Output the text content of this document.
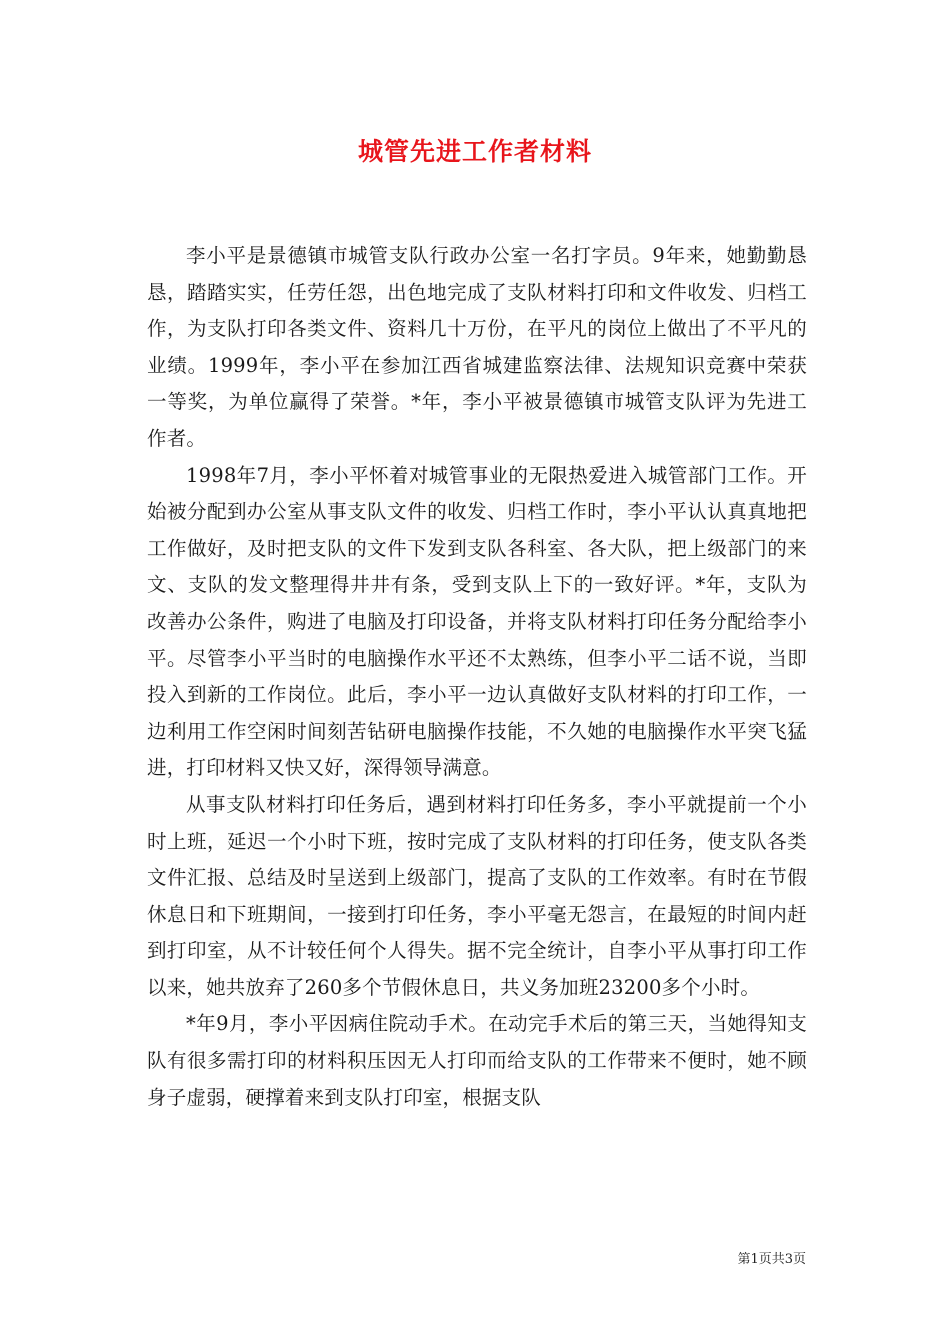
城管先进工作者材料

李小平是景德镇市城管支队行政办公室一名打字员。9年来，她勤勤恳恳，踏踏实实，任劳任怨，出色地完成了支队材料打印和文件收发、归档工作，为支队打印各类文件、资料几十万份，在平凡的岗位上做出了不平凡的业绩。1999年，李小平在参加江西省城建监察法律、法规知识竞赛中荣获一等奖，为单位赢得了荣誉。*年，李小平被景德镇市城管支队评为先进工作者。

1998年7月，李小平怀着对城管事业的无限热爱进入城管部门工作。开始被分配到办公室从事支队文件的收发、归档工作时，李小平认认真真地把工作做好，及时把支队的文件下发到支队各科室、各大队，把上级部门的来文、支队的发文整理得井井有条，受到支队上下的一致好评。*年，支队为改善办公条件，购进了电脑及打印设备，并将支队材料打印任务分配给李小平。尽管李小平当时的电脑操作水平还不太熟练，但李小平二话不说，当即投入到新的工作岗位。此后，李小平一边认真做好支队材料的打印工作，一边利用工作空闲时间刻苦钻研电脑操作技能，不久她的电脑操作水平突飞猛进，打印材料又快又好，深得领导满意。

从事支队材料打印任务后，遇到材料打印任务多，李小平就提前一个小时上班，延迟一个小时下班，按时完成了支队材料的打印任务，使支队各类文件汇报、总结及时呈送到上级部门，提高了支队的工作效率。有时在节假休息日和下班期间，一接到打印任务，李小平毫无怨言，在最短的时间内赶到打印室，从不计较任何个人得失。据不完全统计，自李小平从事打印工作以来，她共放弃了260多个节假休息日，共义务加班23200多个小时。

*年9月，李小平因病住院动手术。在动完手术后的第三天，当她得知支队有很多需打印的材料积压因无人打印而给支队的工作带来不便时，她不顾身子虚弱，硬撑着来到支队打印室，根据支队

第1页共3页
